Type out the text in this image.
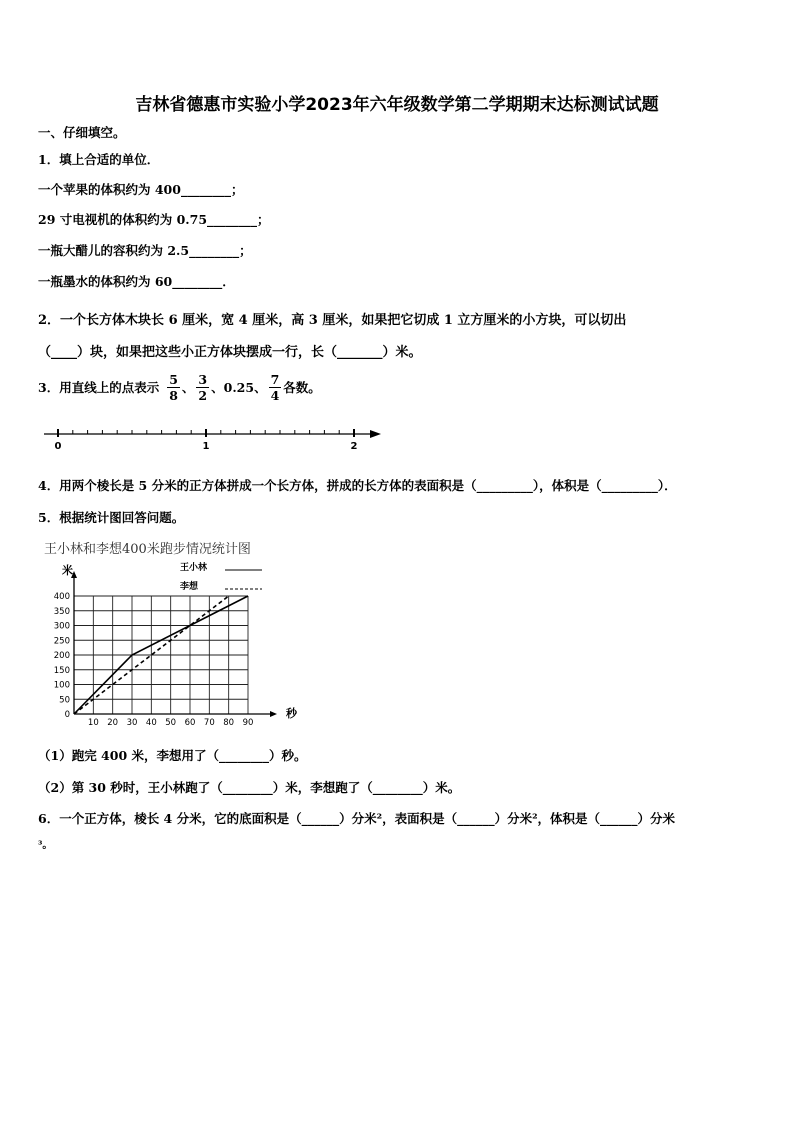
吉林省德惠市实验小学2023年六年级数学第二学期期末达标测试试题
一、仔细填空。
1．填上合适的单位．
一个苹果的体积约为 400________；
29 寸电视机的体积约为 0.75________；
一瓶大醋儿的容积约为 2.5________；
一瓶墨水的体积约为 60________．
2．一个长方体木块长 6 厘米，宽 4 厘米，高 3 厘米，如果把它切成 1 立方厘米的小方块，可以切出
（____）块，如果把这些小正方体块摆成一行，长（_______）米。
3．用直线上的点表示 $\frac{5}{8}$ 、 $\frac{3}{2}$ 、0.25、 $\frac{7}{4}$ 各数。
0	1	2
4．用两个棱长是 5 分米的正方体拼成一个长方体，拼成的长方体的表面积是（_________），体积是（_________）．
5．根据统计图回答问题。
王小林和李想400米跑步情况统计图
0
50
100
150
200
250
300
350
400
10 20 30 40 50 60 70 80 90
米
秒
王小林
李想
（1）跑完 400 米，李想用了（________）秒。
（2）第 30 秒时，王小林跑了（________）米，李想跑了（________）米。
6．一个正方体，棱长 4 分米，它的底面积是（______）分米²，表面积是（______）分米²，体积是（______）分米
³。
